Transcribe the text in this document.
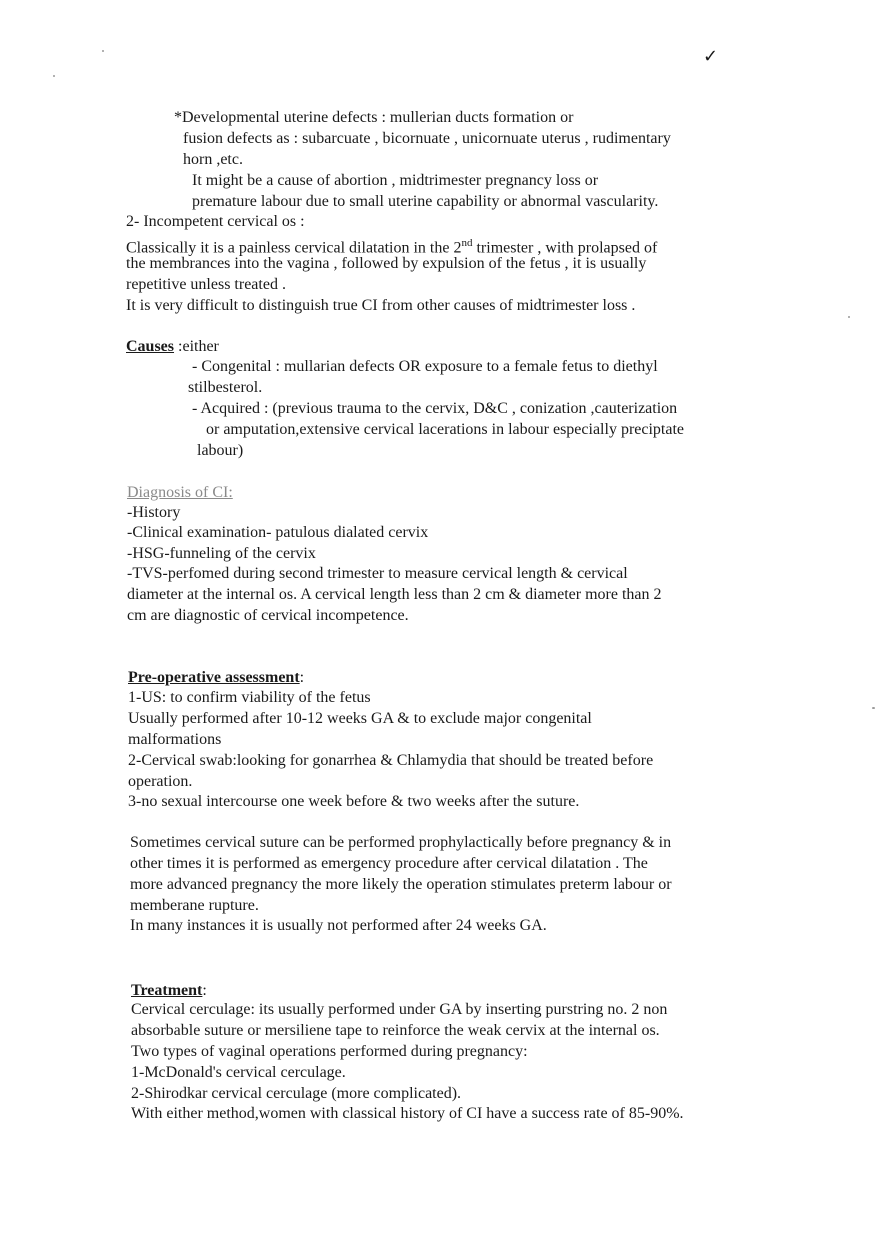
✓
*Developmental uterine defects : mullerian ducts formation or
fusion defects as : subarcuate , bicornuate , unicornuate uterus , rudimentary
horn ,etc.
It might be a cause of abortion , midtrimester pregnancy loss or
premature labour due to small uterine capability or abnormal vascularity.
2- Incompetent cervical os :
Classically it is a painless cervical dilatation in the 2nd trimester , with prolapsed of
the membrances into the vagina , followed by expulsion of the fetus , it is usually
repetitive unless treated .
It is very difficult to distinguish true CI from other causes of midtrimester loss .
Causes :either
- Congenital : mullarian defects OR exposure to a female fetus to diethyl
stilbesterol.
- Acquired : (previous trauma to the cervix, D&C , conization ,cauterization
or amputation,extensive cervical lacerations in labour especially preciptate
labour)
Diagnosis of CI:
-History
-Clinical examination- patulous dialated cervix
-HSG-funneling of the cervix
-TVS-perfomed during second trimester to measure cervical length & cervical
diameter at the internal os. A cervical length less than 2 cm & diameter more than 2
cm are diagnostic of cervical incompetence.
Pre-operative assessment:
1-US: to confirm viability of the fetus
Usually performed after 10-12 weeks GA & to exclude major congenital
malformations
2-Cervical swab:looking for gonarrhea & Chlamydia that should be treated before
operation.
3-no sexual intercourse one week before & two weeks after the suture.
Sometimes cervical suture can be performed prophylactically before pregnancy & in
other times it is performed as emergency procedure after cervical dilatation . The
more advanced pregnancy the more likely the operation stimulates preterm labour or
memberane rupture.
In many instances it is usually not performed after 24 weeks GA.
Treatment:
Cervical cerculage: its usually performed under GA by inserting purstring no. 2 non
absorbable suture or mersiliene tape to reinforce the weak cervix at the internal os.
Two types of vaginal operations performed during pregnancy:
1-McDonald's cervical cerculage.
2-Shirodkar cervical cerculage (more complicated).
With either method,women with classical history of CI have a success rate of 85-90%.
